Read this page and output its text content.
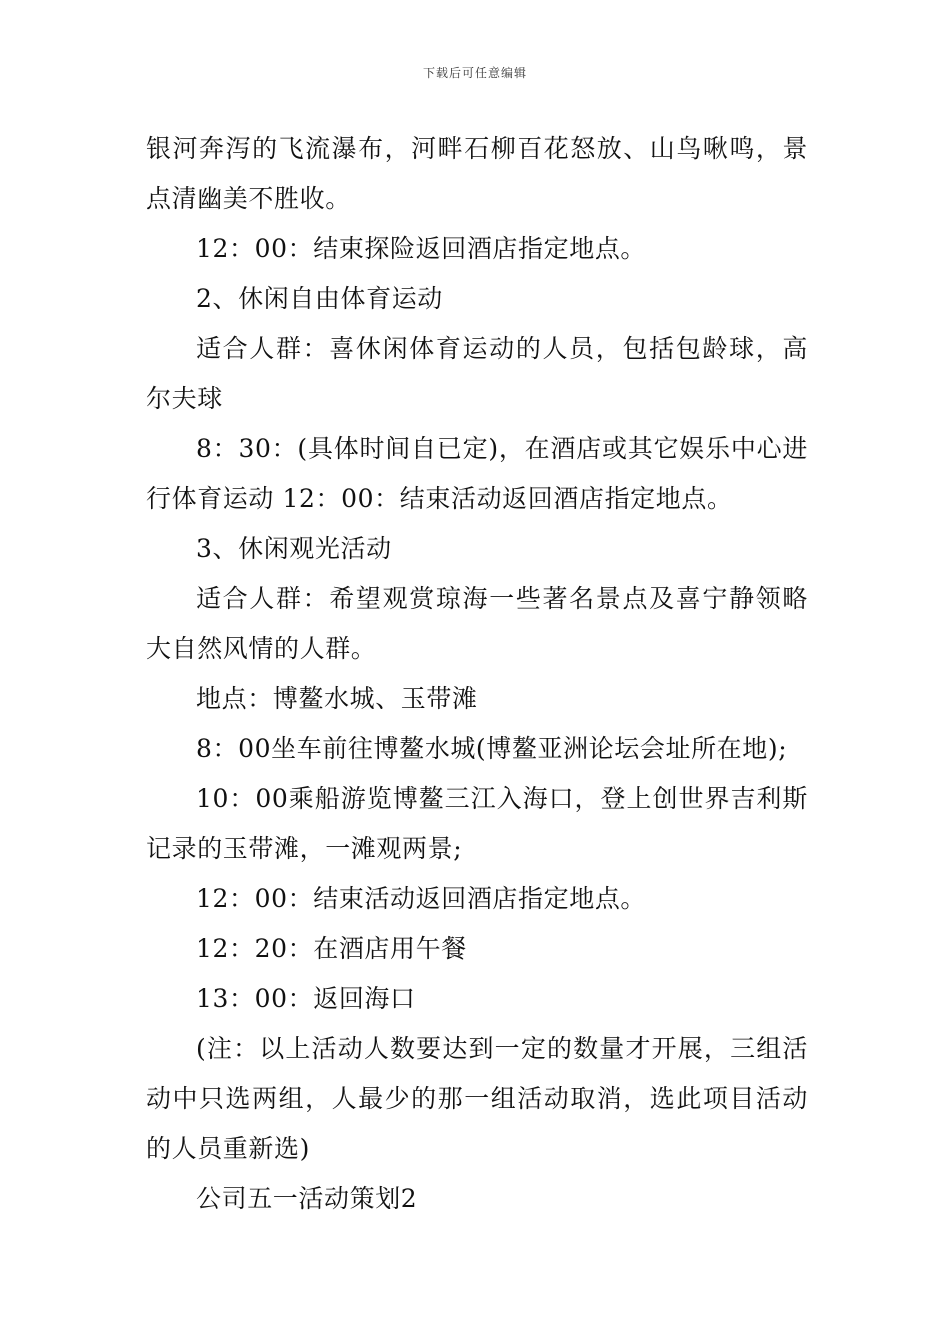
下载后可任意编辑

银河奔泻的飞流瀑布，河畔石柳百花怒放、山鸟啾鸣，景点清幽美不胜收。

12：00：结束探险返回酒店指定地点。

2、休闲自由体育运动

适合人群：喜休闲体育运动的人员，包括包龄球，高尔夫球

8：30：(具体时间自已定)，在酒店或其它娱乐中心进行体育运动 12：00：结束活动返回酒店指定地点。

3、休闲观光活动

适合人群：希望观赏琼海一些著名景点及喜宁静领略大自然风情的人群。

地点：博鳌水城、玉带滩

8：00坐车前往博鳌水城(博鳌亚洲论坛会址所在地);

10：00乘船游览博鳌三江入海口，登上创世界吉利斯记录的玉带滩，一滩观两景;

12：00：结束活动返回酒店指定地点。

12：20：在酒店用午餐

13：00：返回海口

(注：以上活动人数要达到一定的数量才开展，三组活动中只选两组，人最少的那一组活动取消，选此项目活动的人员重新选)

公司五一活动策划2
